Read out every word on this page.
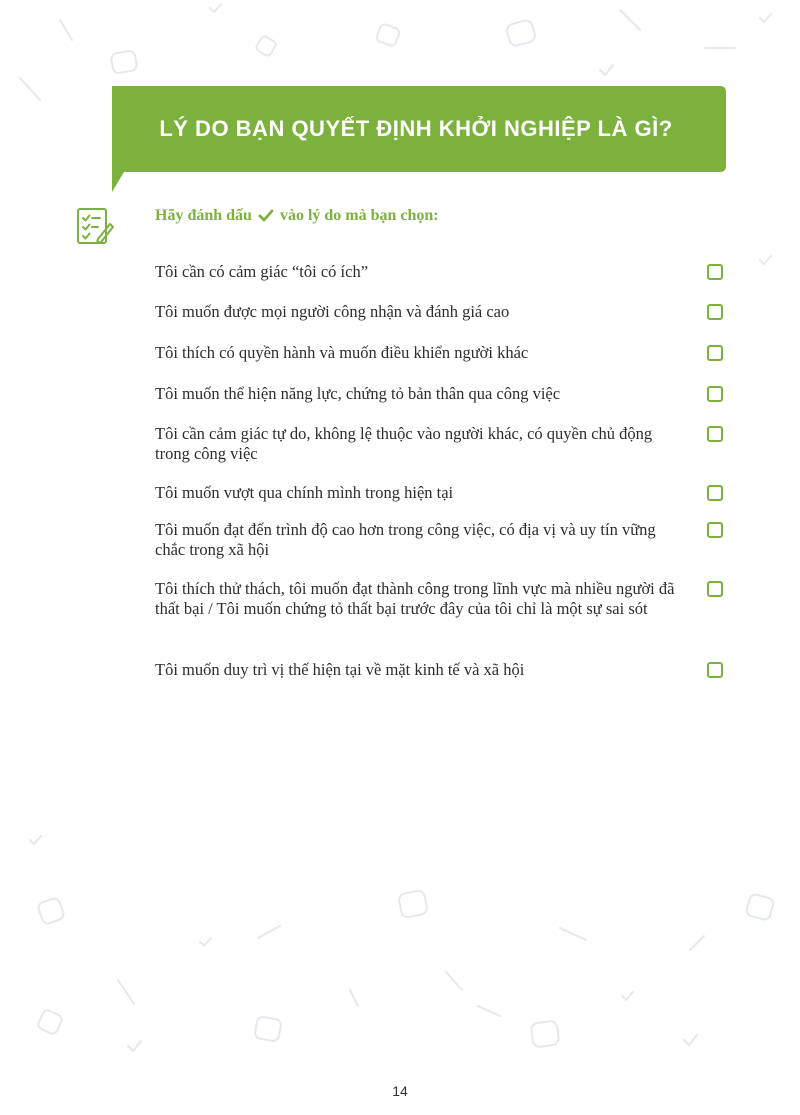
LÝ DO BẠN QUYẾT ĐỊNH KHỞI NGHIỆP LÀ GÌ?
Hãy đánh dấu vào lý do mà bạn chọn:
Tôi cần có cảm giác “tôi có ích”
Tôi muốn được mọi người công nhận và đánh giá cao
Tôi thích có quyền hành và muốn điều khiển người khác
Tôi muốn thể hiện năng lực, chứng tỏ bản thân qua công việc
Tôi cần cảm giác tự do, không lệ thuộc vào người khác, có quyền chủ động trong công việc
Tôi muốn vượt qua chính mình trong hiện tại
Tôi muốn đạt đến trình độ cao hơn trong công việc, có địa vị và uy tín vững chắc trong xã hội
Tôi thích thử thách, tôi muốn đạt thành công trong lĩnh vực mà nhiều người đã thất bại / Tôi muốn chứng tỏ thất bại trước đây của tôi chỉ là một sự sai sót
Tôi muốn duy trì vị thế hiện tại về mặt kinh tế và xã hội
14
